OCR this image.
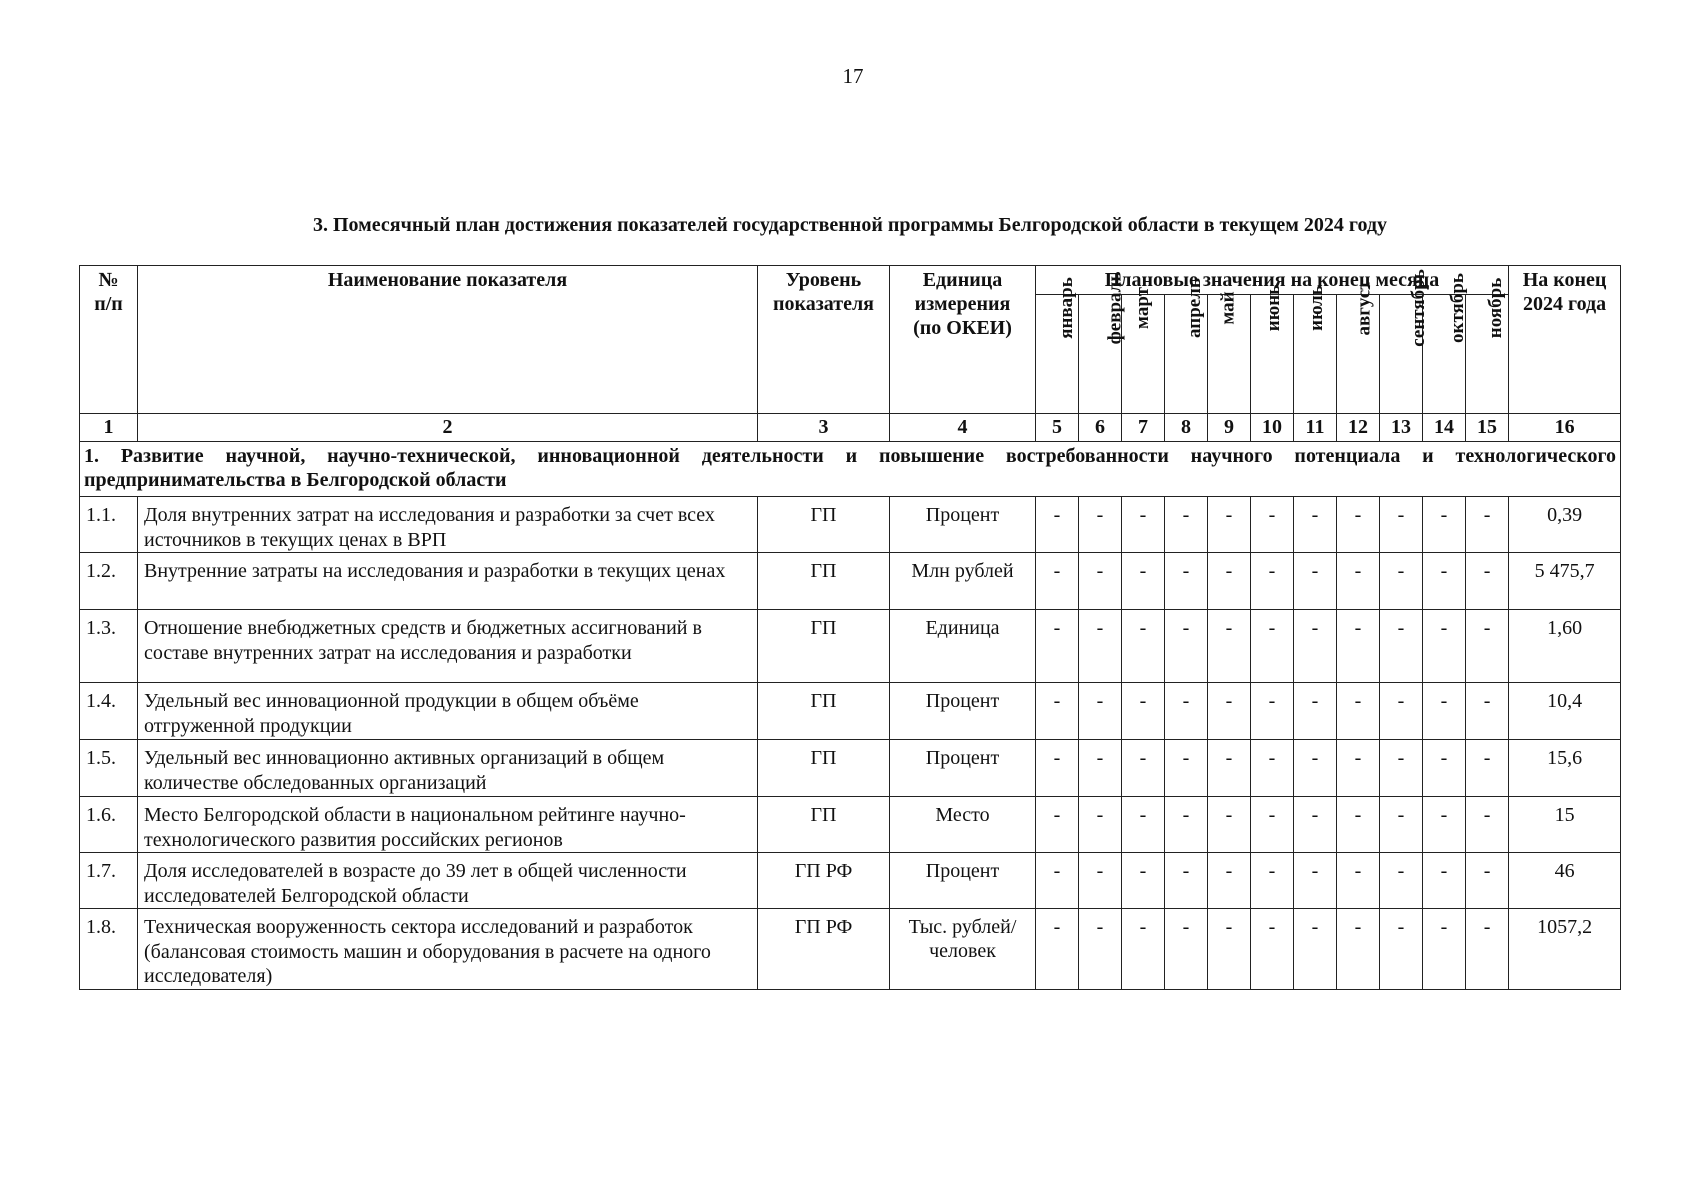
17
3. Помесячный план достижения показателей государственной программы Белгородской области в текущем 2024 году
№ п/п	Наименование показателя	Уровень показателя	Единица измерения (по ОКЕИ)	Плановые значения на конец месяца											На конец 2024 года
				январь	февраль	март	апрель	май	июнь	июль	август	сентябрь	октябрь	ноябрь	
1	2	3	4	5	6	7	8	9	10	11	12	13	14	15	16
1. Развитие научной, научно-технической, инновационной деятельности и повышение востребованности научного потенциала и технологического предпринимательства в Белгородской области															
1.1.	Доля внутренних затрат на исследования и разработки за счет всех источников в текущих ценах в ВРП	ГП	Процент	-	-	-	-	-	-	-	-	-	-	-	0,39
1.2.	Внутренние затраты на исследования и разработки в текущих ценах	ГП	Млн рублей	-	-	-	-	-	-	-	-	-	-	-	5 475,7
1.3.	Отношение внебюджетных средств и бюджетных ассигнований в составе внутренних затрат на исследования и разработки	ГП	Единица	-	-	-	-	-	-	-	-	-	-	-	1,60
1.4.	Удельный вес инновационной продукции в общем объёме отгруженной продукции	ГП	Процент	-	-	-	-	-	-	-	-	-	-	-	10,4
1.5.	Удельный вес инновационно активных организаций в общем количестве обследованных организаций	ГП	Процент	-	-	-	-	-	-	-	-	-	-	-	15,6
1.6.	Место Белгородской области в национальном рейтинге научно-технологического развития российских регионов	ГП	Место	-	-	-	-	-	-	-	-	-	-	-	15
1.7.	Доля исследователей в возрасте до 39 лет в общей численности исследователей Белгородской области	ГП РФ	Процент	-	-	-	-	-	-	-	-	-	-	-	46
1.8.	Техническая вооруженность сектора исследований и разработок (балансовая стоимость машин и оборудования в расчете на одного исследователя)	ГП РФ	Тыс. рублей/ человек	-	-	-	-	-	-	-	-	-	-	-	1057,2
